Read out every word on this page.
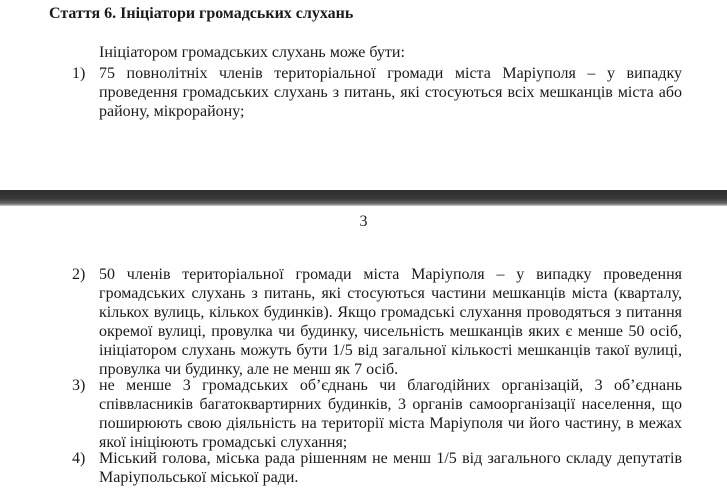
Стаття 6. Ініціатори громадських слухань
Ініціатором громадських слухань може бути:
1) 75 повнолітніх членів територіальної громади міста Маріуполя – у випадку проведення громадських слухань з питань, які стосуються всіх мешканців міста або району, мікрорайону;
3
2) 50 членів територіальної громади міста Маріуполя – у випадку проведення громадських слухань з питань, які стосуються частини мешканців міста (кварталу, кількох вулиць, кількох будинків). Якщо громадські слухання проводяться з питання окремої вулиці, провулка чи будинку, чисельність мешканців яких є менше 50 осіб, ініціатором слухань можуть бути 1/5 від загальної кількості мешканців такої вулиці, провулка чи будинку, але не менш як 7 осіб.
3) не менше 3 громадських об’єднань чи благодійних організацій, 3 об’єднань співвласників багатоквартирних будинків, 3 органів самоорганізації населення, що поширюють свою діяльність на території міста Маріуполя чи його частину, в межах якої ініціюють громадські слухання;
4) Міський голова, міська рада рішенням не менш 1/5 від загального складу депутатів Маріупольської міської ради.
